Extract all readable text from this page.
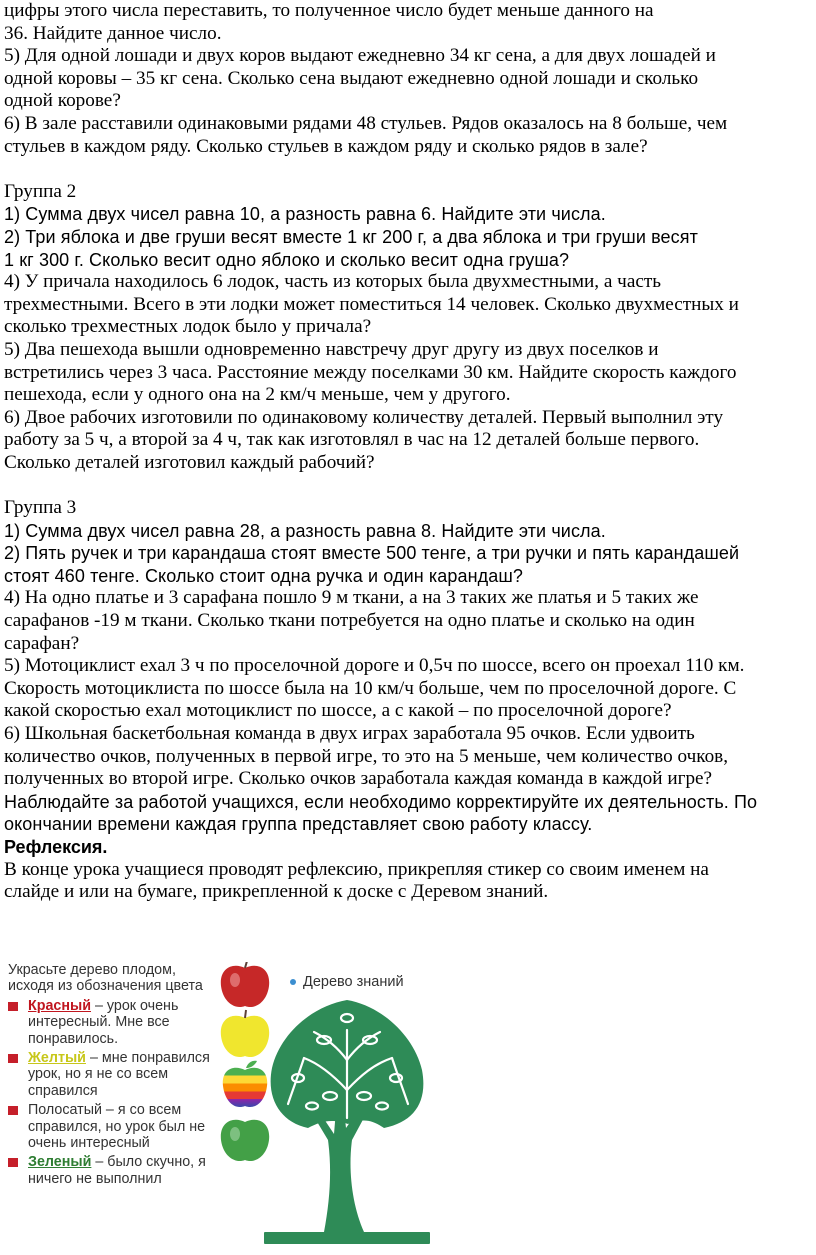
цифры этого числа переставить, то полученное число будет меньше данного на

36. Найдите данное число.

5) Для одной лошади и двух коров выдают ежедневно 34 кг сена, а для двух лошадей и

одной коровы – 35 кг сена. Сколько сена выдают ежедневно одной лошади и сколько

одной корове?

6) В зале расставили одинаковыми рядами 48 стульев. Рядов оказалось на 8 больше, чем

стульев в каждом ряду. Сколько стульев в каждом ряду и сколько рядов в зале?

Группа 2

1) Сумма двух чисел равна 10, а разность равна 6. Найдите эти числа.

2) Три яблока и две груши весят вместе 1 кг 200 г, а два яблока и три груши весят

1 кг 300 г. Сколько весит одно яблоко и сколько весит одна груша?

4) У причала находилось 6 лодок, часть из которых была двухместными, а часть

трехместными. Всего в эти лодки может поместиться 14 человек. Сколько двухместных и

сколько трехместных лодок было у причала?

5) Два пешехода вышли одновременно навстречу друг другу из двух поселков и

встретились через 3 часа. Расстояние между поселками 30 км. Найдите скорость каждого

пешехода, если у одного она на 2 км/ч меньше, чем у другого.

6) Двое рабочих изготовили по одинаковому количеству деталей. Первый выполнил эту

работу за 5 ч, а второй за 4 ч, так как изготовлял в час на 12 деталей больше первого.

Сколько деталей изготовил каждый рабочий?

Группа 3

1) Сумма двух чисел равна 28, а разность равна 8. Найдите эти числа.

2) Пять ручек и три карандаша стоят вместе 500 тенге, а три ручки и пять карандашей

стоят 460 тенге. Сколько стоит одна ручка и один карандаш?

4) На одно платье и 3 сарафана пошло 9 м ткани, а на 3 таких же платья и 5 таких же

сарафанов -19 м ткани. Сколько ткани потребуется на одно платье и сколько на один

сарафан?

5) Мотоциклист ехал 3 ч по проселочной дороге и 0,5ч по шоссе, всего он проехал 110 км.

Скорость мотоциклиста по шоссе была на 10 км/ч больше, чем по проселочной дороге. С

какой скоростью ехал мотоциклист по шоссе, а с какой – по проселочной дороге?

6) Школьная баскетбольная команда в двух играх заработала 95 очков. Если удвоить

количество очков, полученных в первой игре, то это на 5 меньше, чем количество очков,

полученных во второй игре. Сколько очков заработала каждая команда в каждой игре?

Наблюдайте за работой учащихся, если необходимо корректируйте их деятельность. По

окончании времени каждая группа представляет свою работу классу.

Рефлексия.

В конце урока учащиеся проводят рефлексию, прикрепляя стикер со своим именем на

слайде и или на бумаге, прикрепленной к доске с Деревом знаний.

Украсьте дерево плодом, исходя из обозначения цвета
Красный – урок очень интересный. Мне все понравилось.
Желтый – мне понравился урок, но я не со всем справился
Полосатый – я со всем справился, но урок был не очень интересный
Зеленый – было скучно, я ничего не выполнил
Дерево знаний
